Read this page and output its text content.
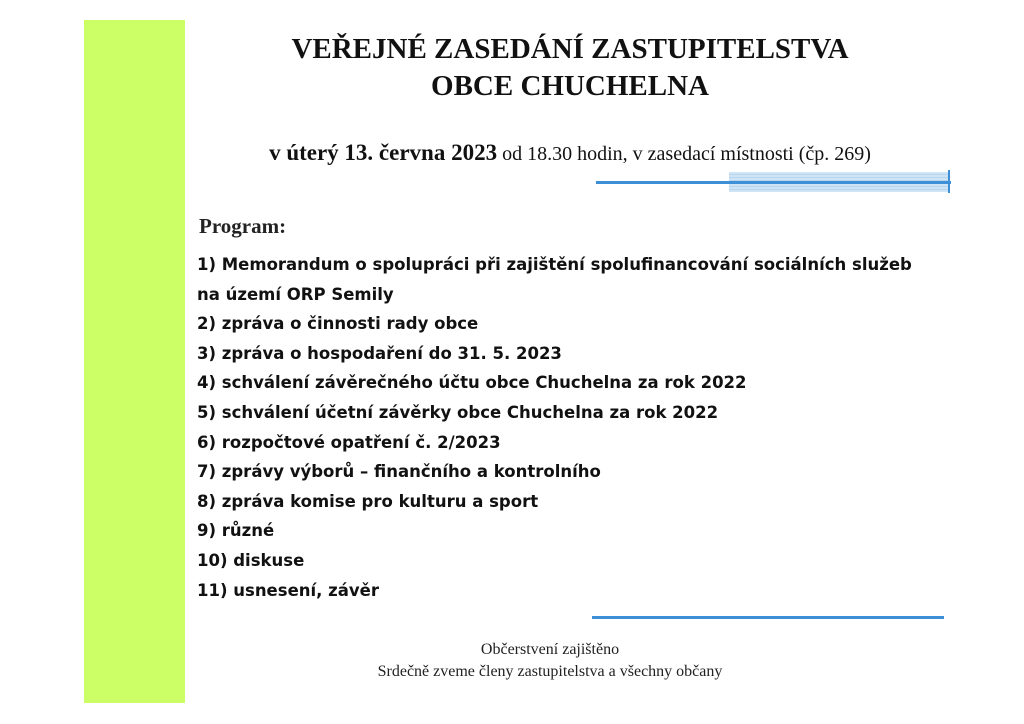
VEŘEJNÉ ZASEDÁNÍ ZASTUPITELSTVA
OBCE CHUCHELNA
v úterý 13. června 2023 od 18.30 hodin, v zasedací místnosti (čp. 269)
Program:
1) Memorandum o spolupráci při zajištění spolufinancování sociálních služeb
na území ORP Semily
2) zpráva o činnosti rady obce
3) zpráva o hospodaření do 31. 5. 2023
4) schválení závěrečného účtu obce Chuchelna za rok 2022
5) schválení účetní závěrky obce Chuchelna za rok 2022
6) rozpočtové opatření č. 2/2023
7) zprávy výborů – finančního a kontrolního
8) zpráva komise pro kulturu a sport
9) různé
10) diskuse
11) usnesení, závěr
Občerstvení zajištěno
Srdečně zveme členy zastupitelstva a všechny občany
